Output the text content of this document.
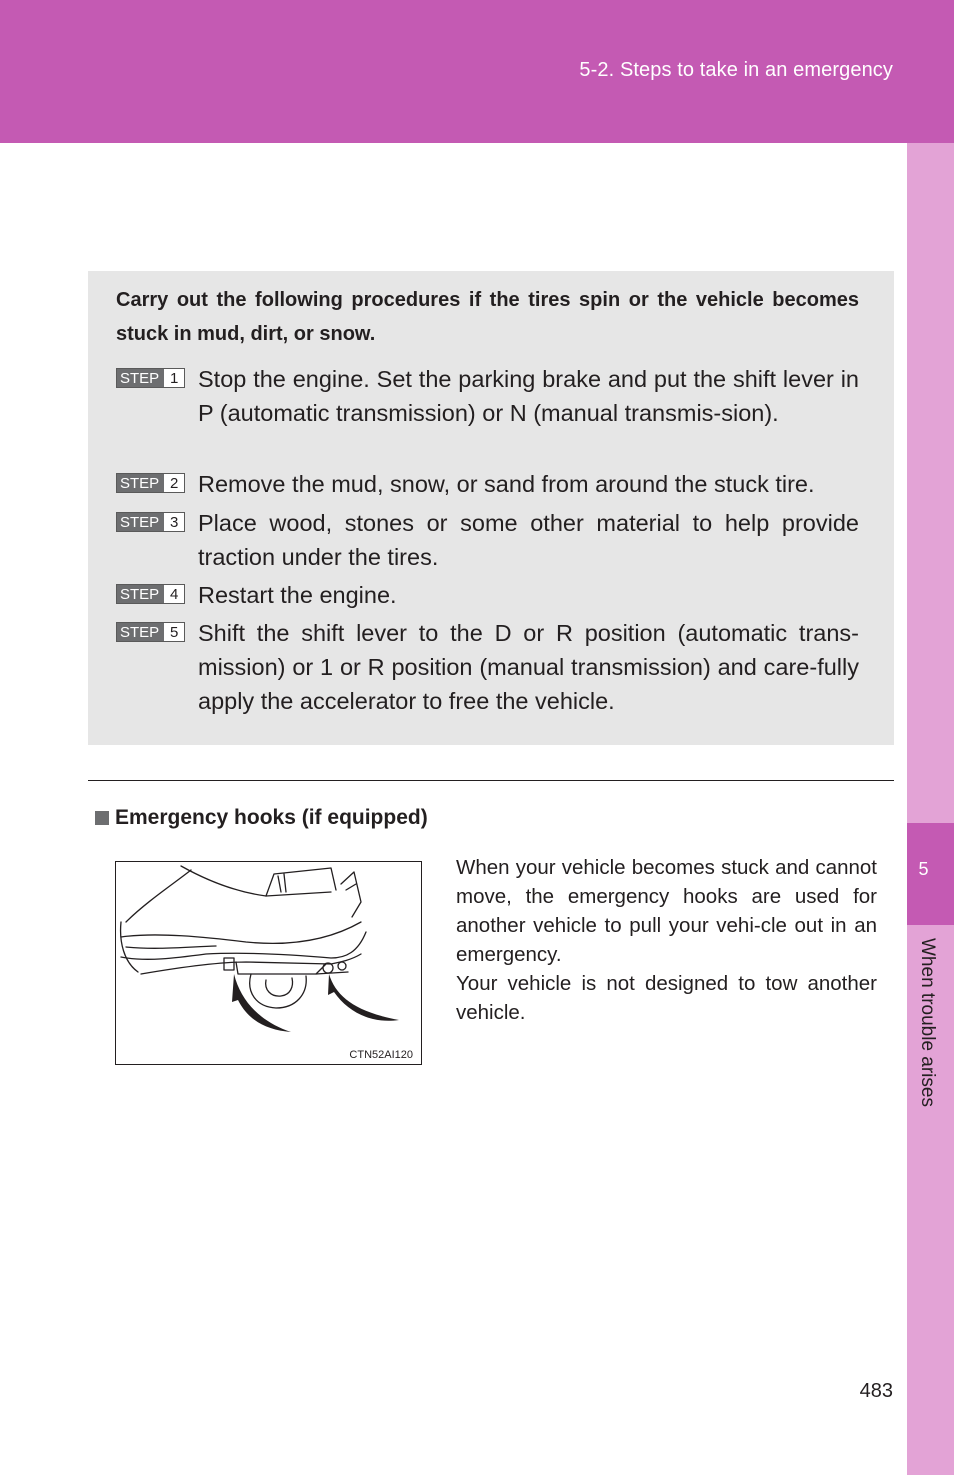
5-2. Steps to take in an emergency
5
When trouble arises
Carry out the following procedures if the tires spin or the vehicle becomes stuck in mud, dirt, or snow.
STEP 1 Stop the engine. Set the parking brake and put the shift lever in P (automatic transmission) or N (manual transmis-sion).
STEP 2 Remove the mud, snow, or sand from around the stuck tire.
STEP 3 Place wood, stones or some other material to help provide traction under the tires.
STEP 4 Restart the engine.
STEP 5 Shift the shift lever to the D or R position (automatic trans-mission) or 1 or R position (manual transmission) and care-fully apply the accelerator to free the vehicle.
Emergency hooks (if equipped)
CTN52AI120

When your vehicle becomes stuck and cannot move, the emergency hooks are used for another vehicle to pull your vehi-cle out in an emergency.

Your vehicle is not designed to tow another vehicle.

483
